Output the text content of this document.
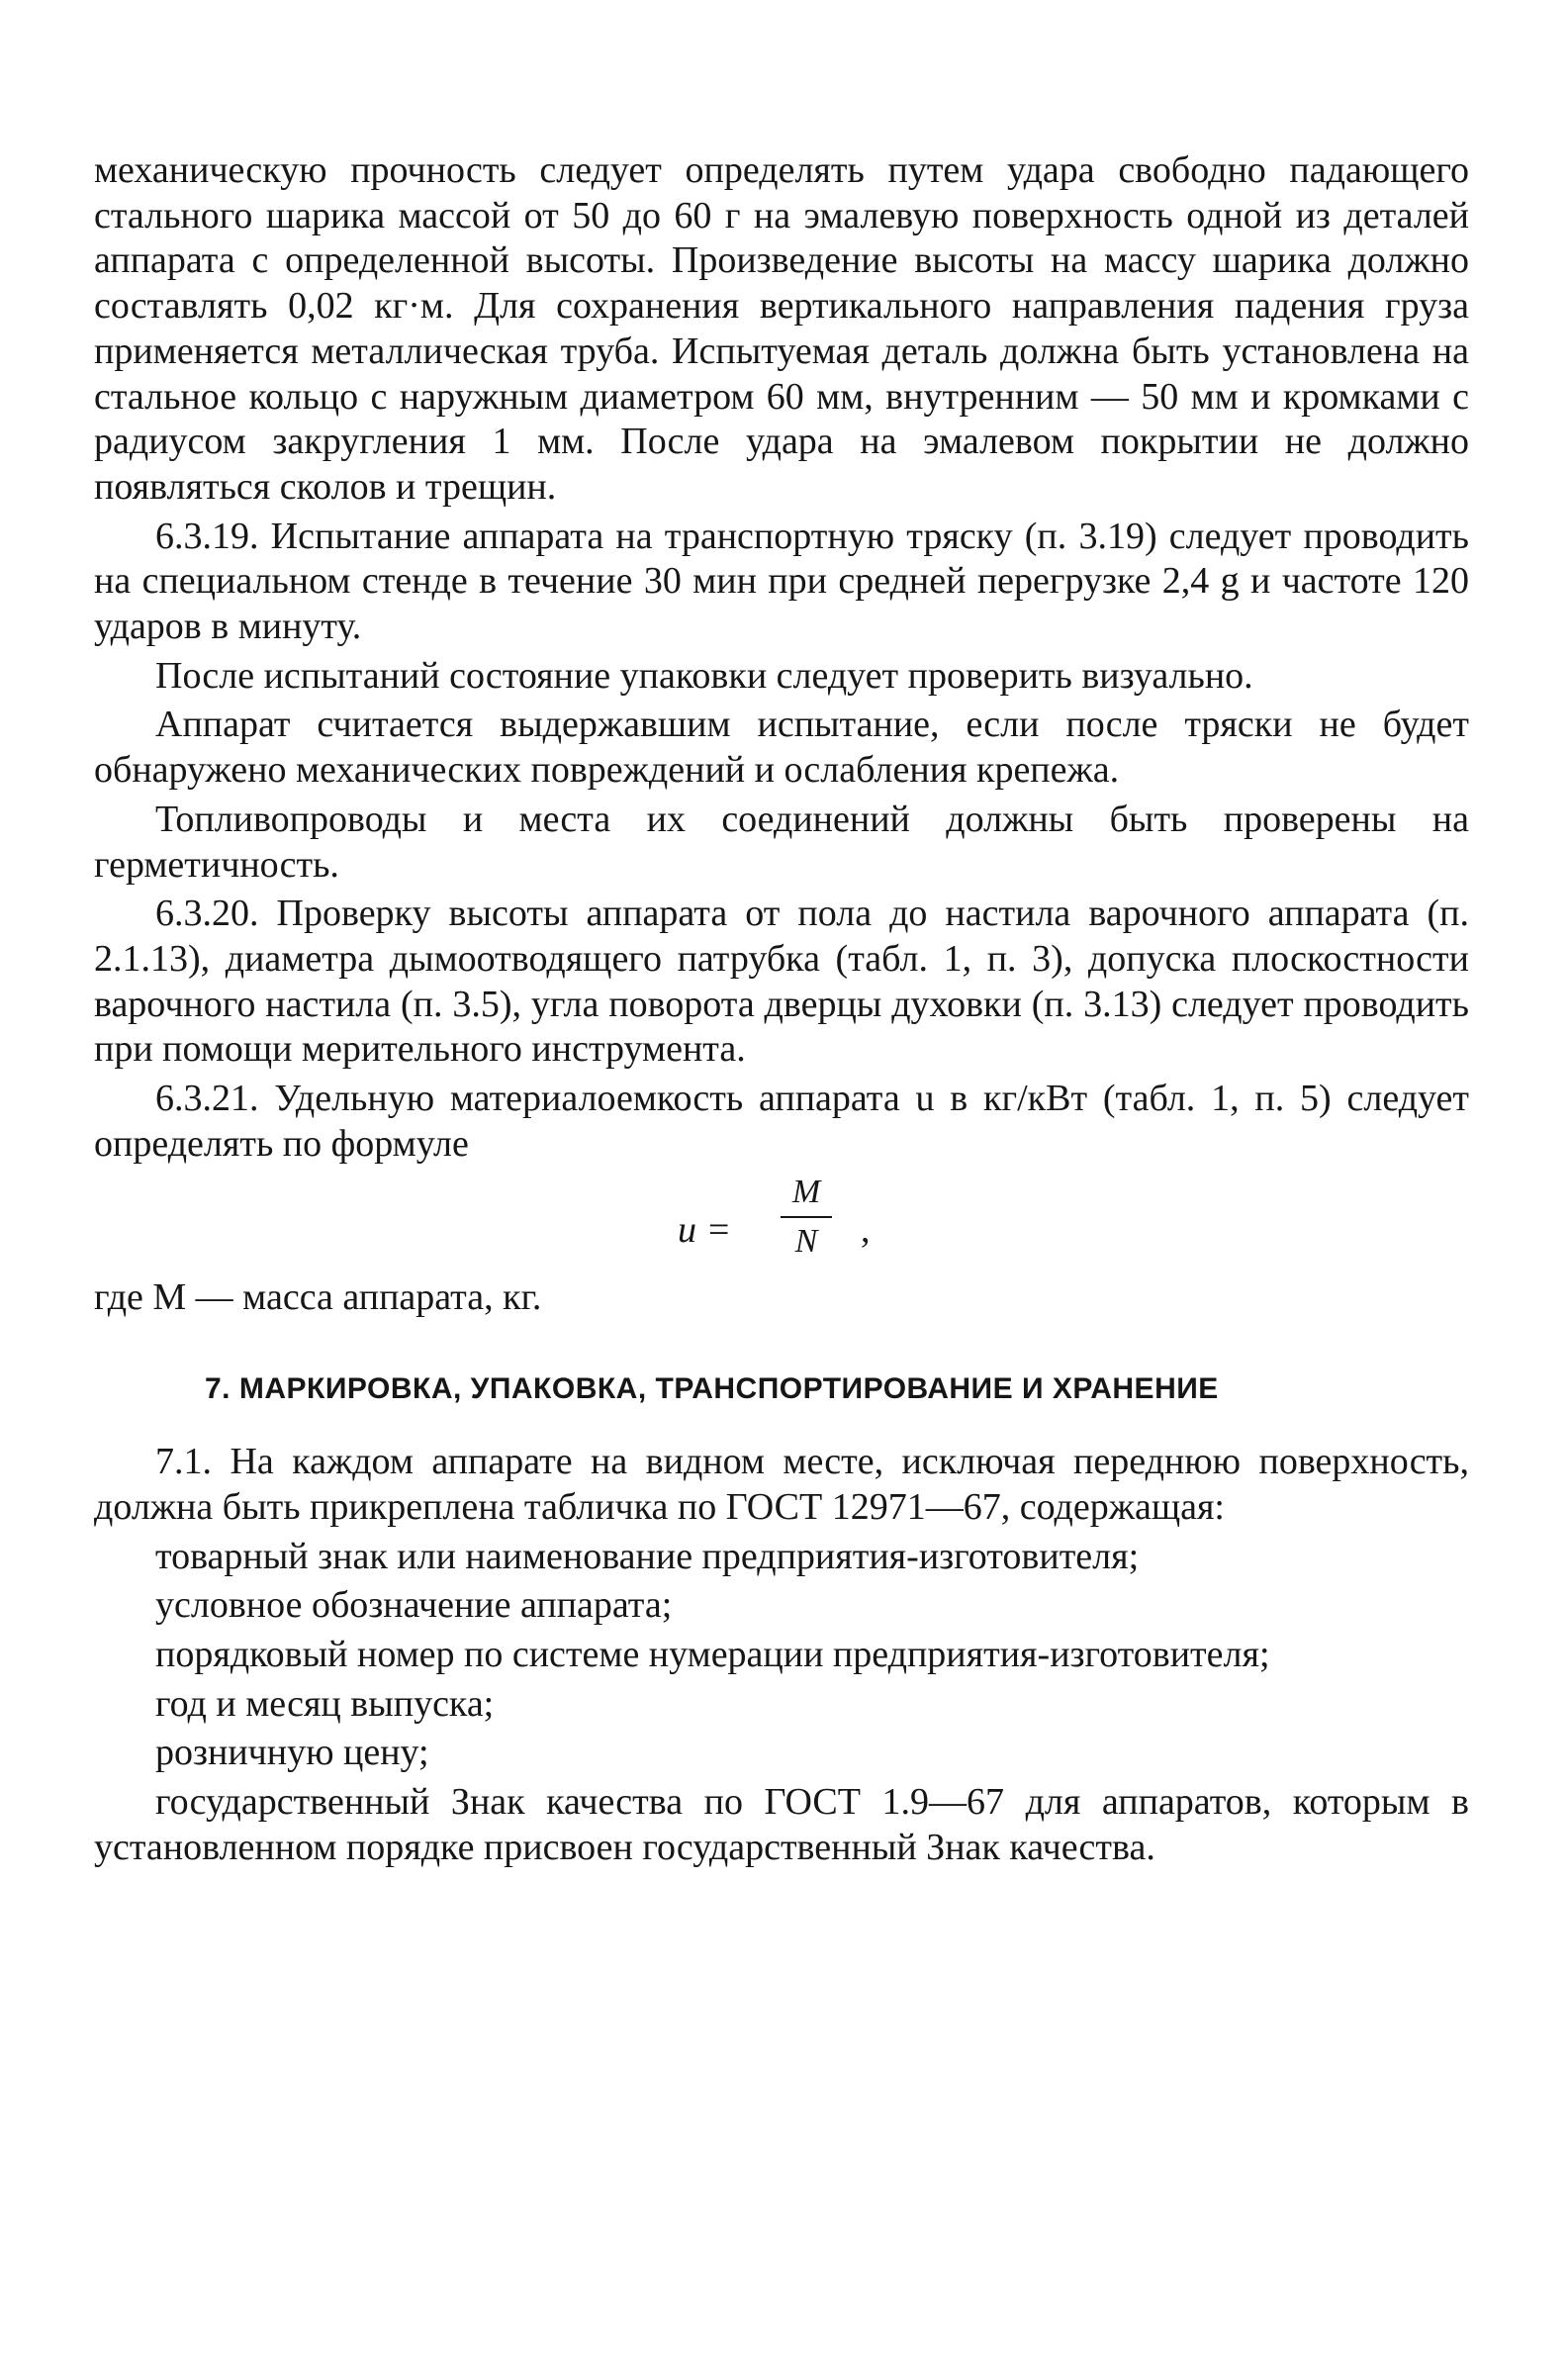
механическую прочность следует определять путем удара свободно падающего стального шарика массой от 50 до 60 г на эмалевую поверхность одной из деталей аппарата с определенной высоты. Произведение высоты на массу шарика должно составлять 0,02 кг·м. Для сохранения вертикального направления падения груза применяется металлическая труба. Испытуемая деталь должна быть установлена на стальное кольцо с наружным диаметром 60 мм, внутренним — 50 мм и кромками с радиусом закругления 1 мм. После удара на эмалевом покрытии не должно появляться сколов и трещин.

6.3.19. Испытание аппарата на транспортную тряску (п. 3.19) следует проводить на специальном стенде в течение 30 мин при средней перегрузке 2,4 g и частоте 120 ударов в минуту.

После испытаний состояние упаковки следует проверить визуально.

Аппарат считается выдержавшим испытание, если после тряски не будет обнаружено механических повреждений и ослабления крепежа.

Топливопроводы и места их соединений должны быть проверены на герметичность.

6.3.20. Проверку высоты аппарата от пола до настила варочного аппарата (п. 2.1.13), диаметра дымоотводящего патрубка (табл. 1, п. 3), допуска плоскостности варочного настила (п. 3.5), угла поворота дверцы духовки (п. 3.13) следует проводить при помощи мерительного инструмента.

6.3.21. Удельную материалоемкость аппарата u в кг/кВт (табл. 1, п. 5) следует определять по формуле

u =
M
N	,

где M — масса аппарата, кг.

7. МАРКИРОВКА, УПАКОВКА, ТРАНСПОРТИРОВАНИЕ И ХРАНЕНИЕ

7.1. На каждом аппарате на видном месте, исключая переднюю поверхность, должна быть прикреплена табличка по ГОСТ 12971—67, содержащая:

товарный знак или наименование предприятия-изготовителя;

условное обозначение аппарата;

порядковый номер по системе нумерации предприятия-изготовителя;

год и месяц выпуска;

розничную цену;

государственный Знак качества по ГОСТ 1.9—67 для аппаратов, которым в установленном порядке присвоен государственный Знак качества.
